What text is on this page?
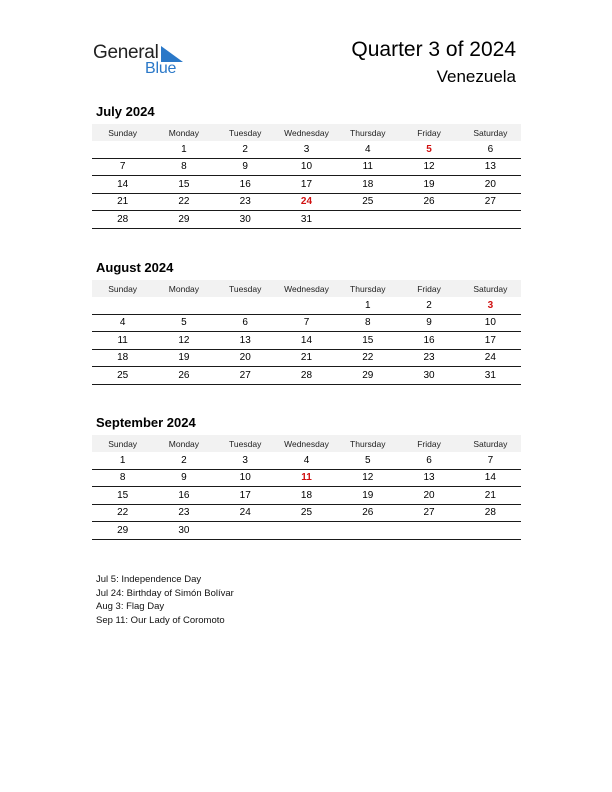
General
Blue
Quarter 3 of 2024
Venezuela
July 2024
Sunday	Monday	Tuesday	Wednesday	Thursday	Friday	Saturday
	1	2	3	4	5	6
7	8	9	10	11	12	13
14	15	16	17	18	19	20
21	22	23	24	25	26	27
28	29	30	31			
August 2024
Sunday	Monday	Tuesday	Wednesday	Thursday	Friday	Saturday
				1	2	3
4	5	6	7	8	9	10
11	12	13	14	15	16	17
18	19	20	21	22	23	24
25	26	27	28	29	30	31
September 2024
Sunday	Monday	Tuesday	Wednesday	Thursday	Friday	Saturday
1	2	3	4	5	6	7
8	9	10	11	12	13	14
15	16	17	18	19	20	21
22	23	24	25	26	27	28
29	30					
Jul 5: Independence Day
Jul 24: Birthday of Simón Bolívar
Aug 3: Flag Day
Sep 11: Our Lady of Coromoto
